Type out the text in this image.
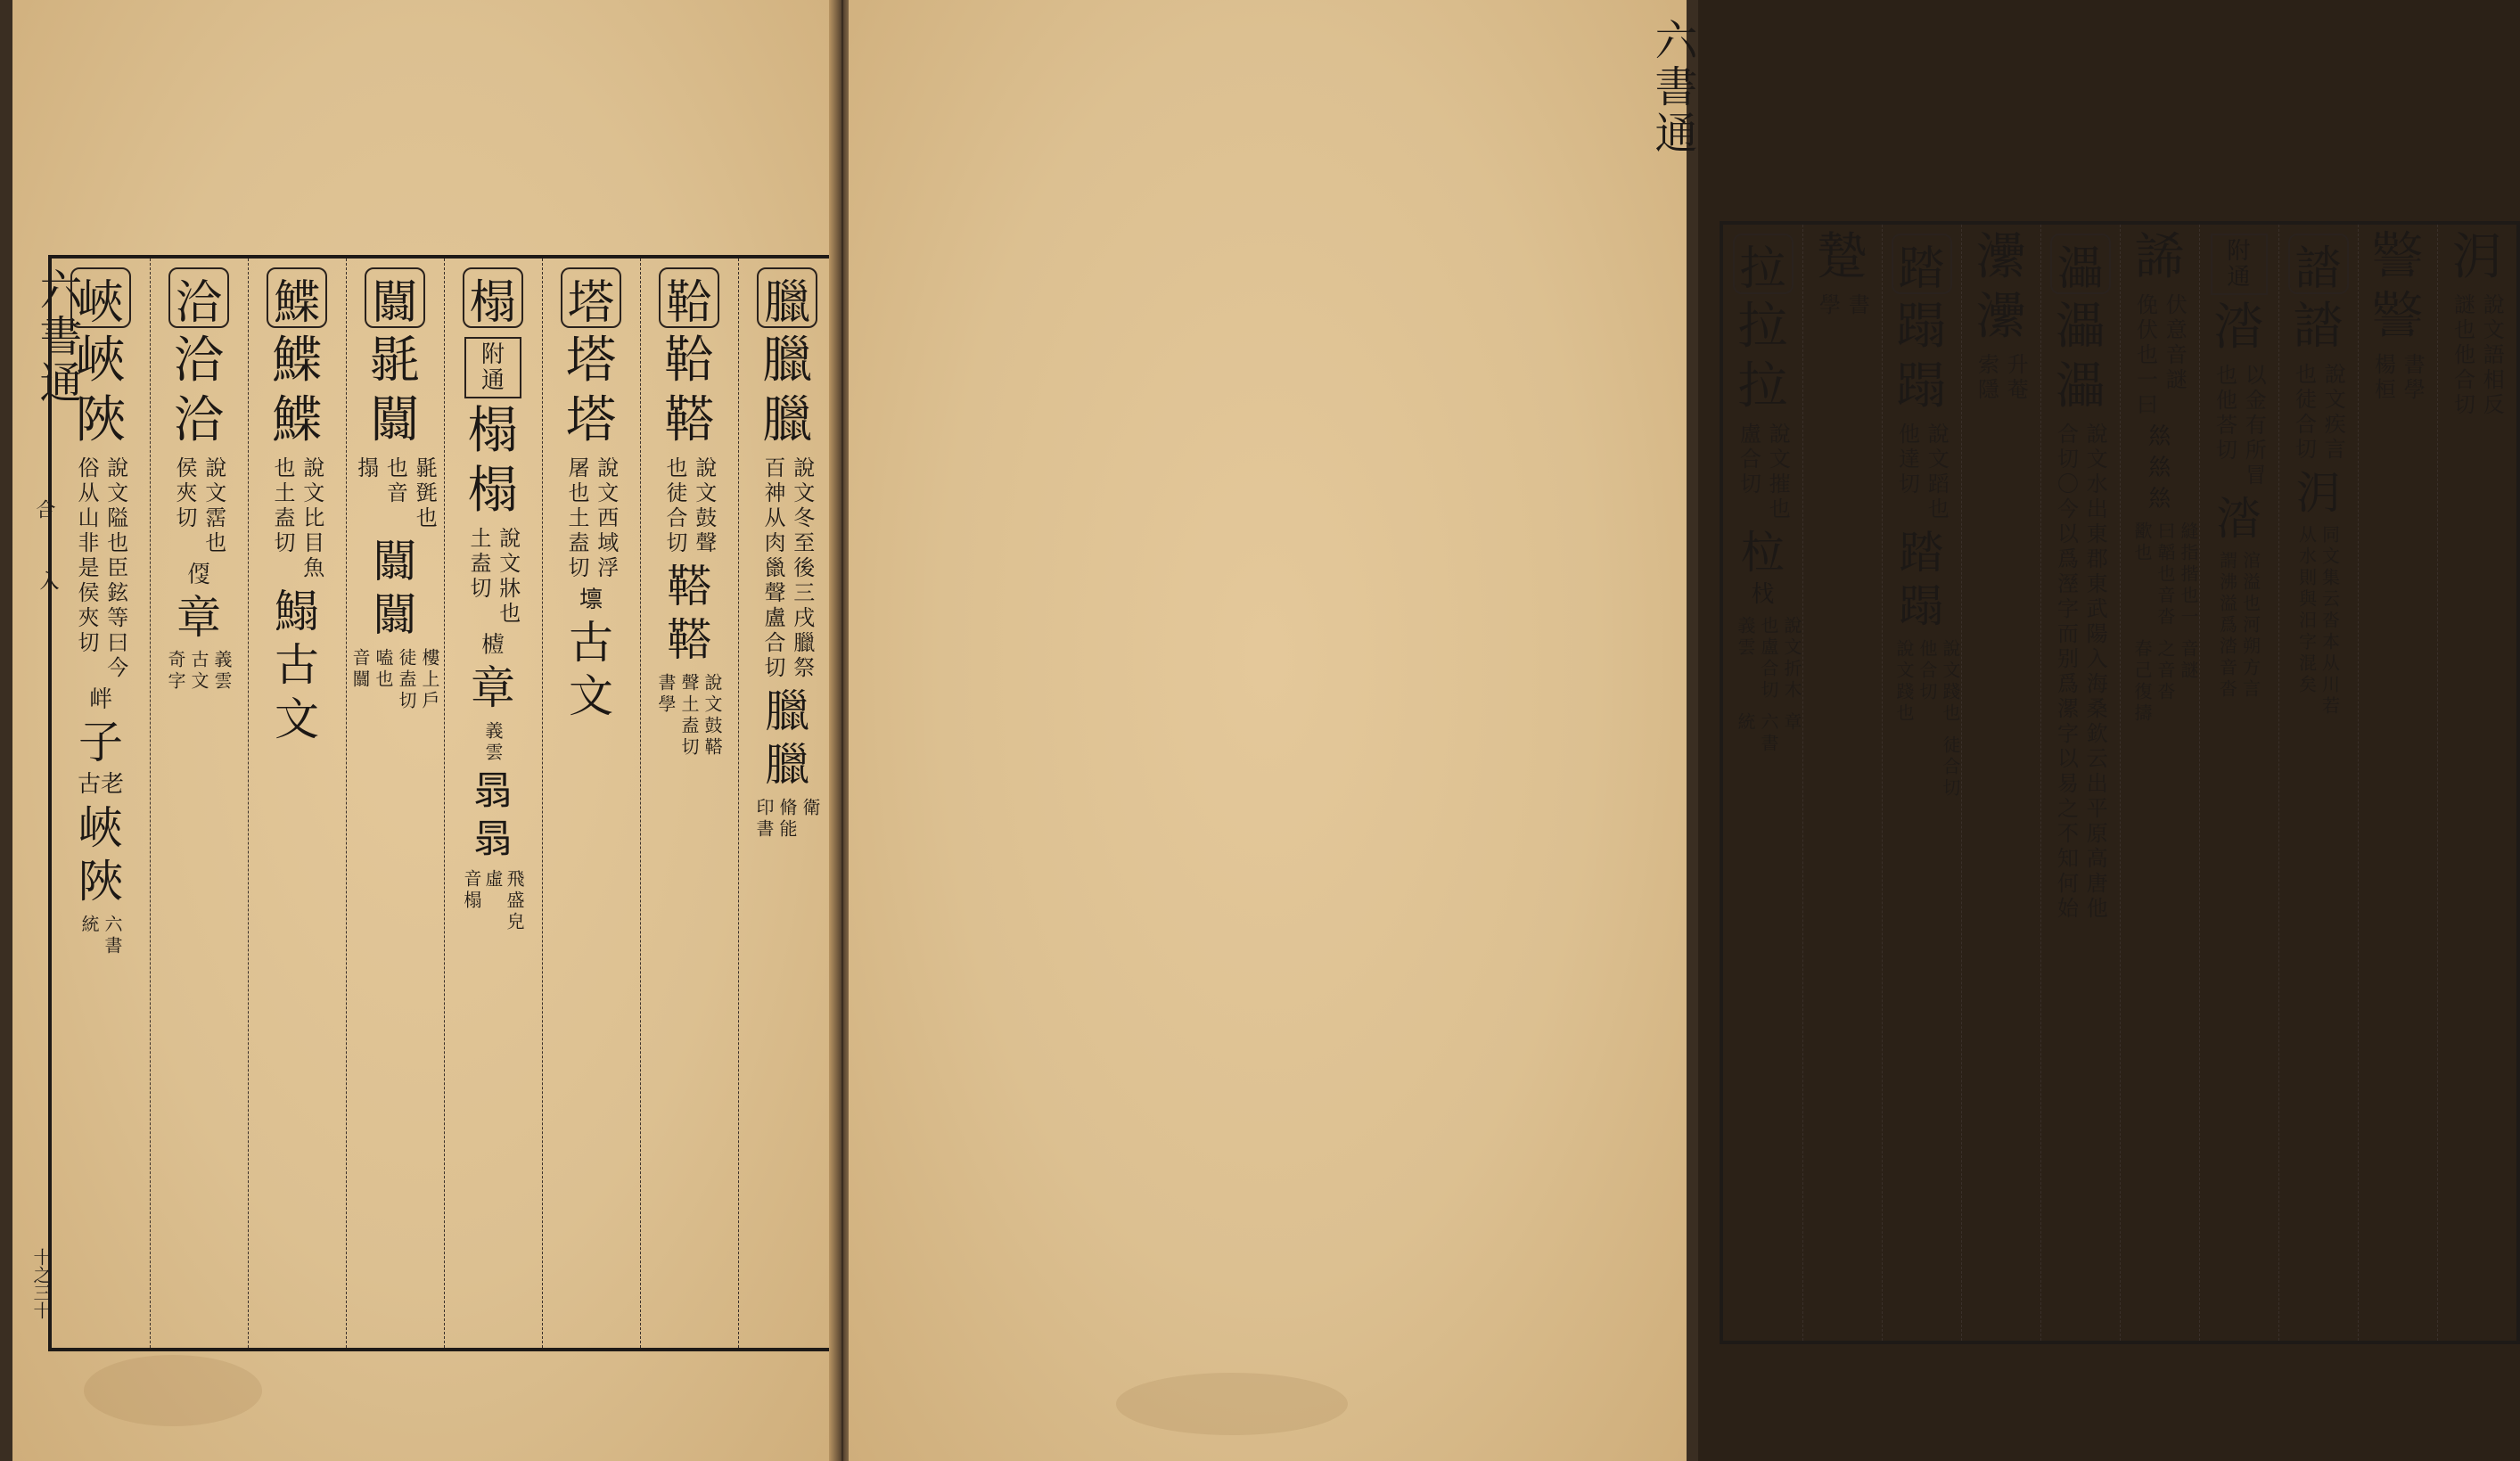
六書通
合
入
十之三十
臘
臘
臘
說文冬至後三戌臘祭
百神从肉巤聲盧合切
臘
臘
衛
脩能
印書
鞈
鞈
鞳
說文鼓聲
也徒合切
鞳
鞳
說文鼓鞳
聲土盍切
書學
塔
塔
塔
說文西域浮
屠也土盍切
𡒄
古
文
榻
附
通
榻
榻
說文牀也
土盍切
𣛼
章
義雲
𦐇
𦐇
飛盛皃
虛
音榻
闒
毾
闒
毾㲪也
也音
搨
闒
闒
樓上戶
徒盍切
嗑也
音闒
鰈
鰈
鰈
說文比目魚
也土盍切
鰨
古
文
洽
洽
洽
說文霑也
侯夾切
𠊳
章
義雲
古文
奇字
峽
峽
陜
說文隘也臣鉉等曰今
俗从山非是侯夾切
𡶡
子
古老
峽
陜
六書
統
六書通
㳉
說文語相反
謎也他合切
𧭁
𧭁
書學
楊桓
誻
誻
說文疾言
也徒合切
㳉
同文集云沓本从川若
从水則與汨字混矣
附
通
涾
以金有所冒
也他荅切
涾
涫溢也河朔方言
謂沸溢爲涾音沓
䛥
伏意音謎
俛伏也一曰
𢇃
𢇃
𢇃
縫指揩也一
曰韜也音沓
歠也
音謎
之音沓
春己復擣
㵽
㵽
㵽
說文水出東郡東武陽入海桑欽云出平原高唐他
合切〇今以爲溼字而别爲漯字以易之不知何始
㶟
㶟
升菴
索隱
踏
蹋
蹋
說文蹈也
他達切
踏
蹋
說文踐也
他合切
說文踐也
徒合切
䠟
書
學
拉
拉
拉
說文摧也
盧合切
柆
𣏾
說文折木
也盧合切
義雲
章
六書
統
